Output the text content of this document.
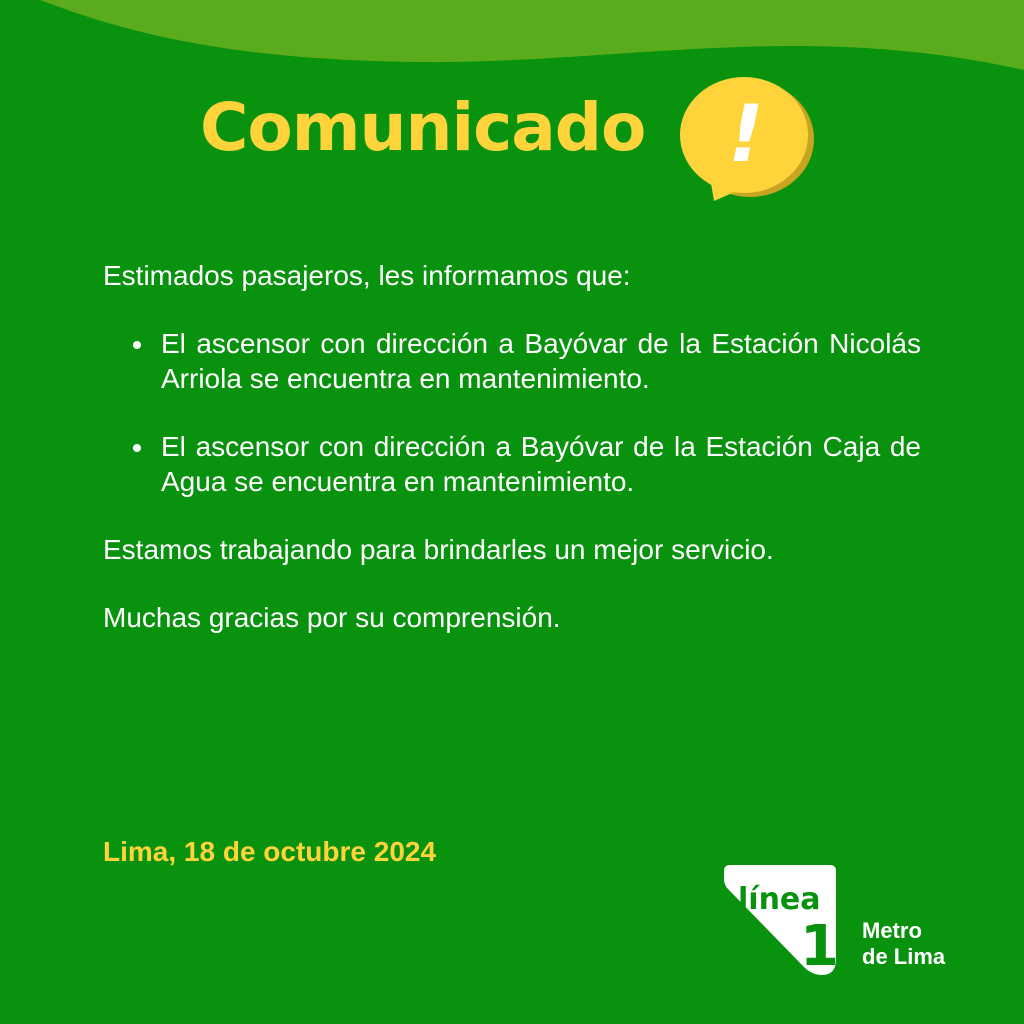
Comunicado !

Estimados pasajeros, les informamos que:

El ascensor con dirección a Bayóvar de la Estación Nicolás Arriola se encuentra en mantenimiento.
El ascensor con dirección a Bayóvar de la Estación Caja de Agua se encuentra en mantenimiento.

Estamos trabajando para brindarles un mejor servicio.

Muchas gracias por su comprensión.

Lima, 18 de octubre 2024
línea
1 Metro
de Lima
